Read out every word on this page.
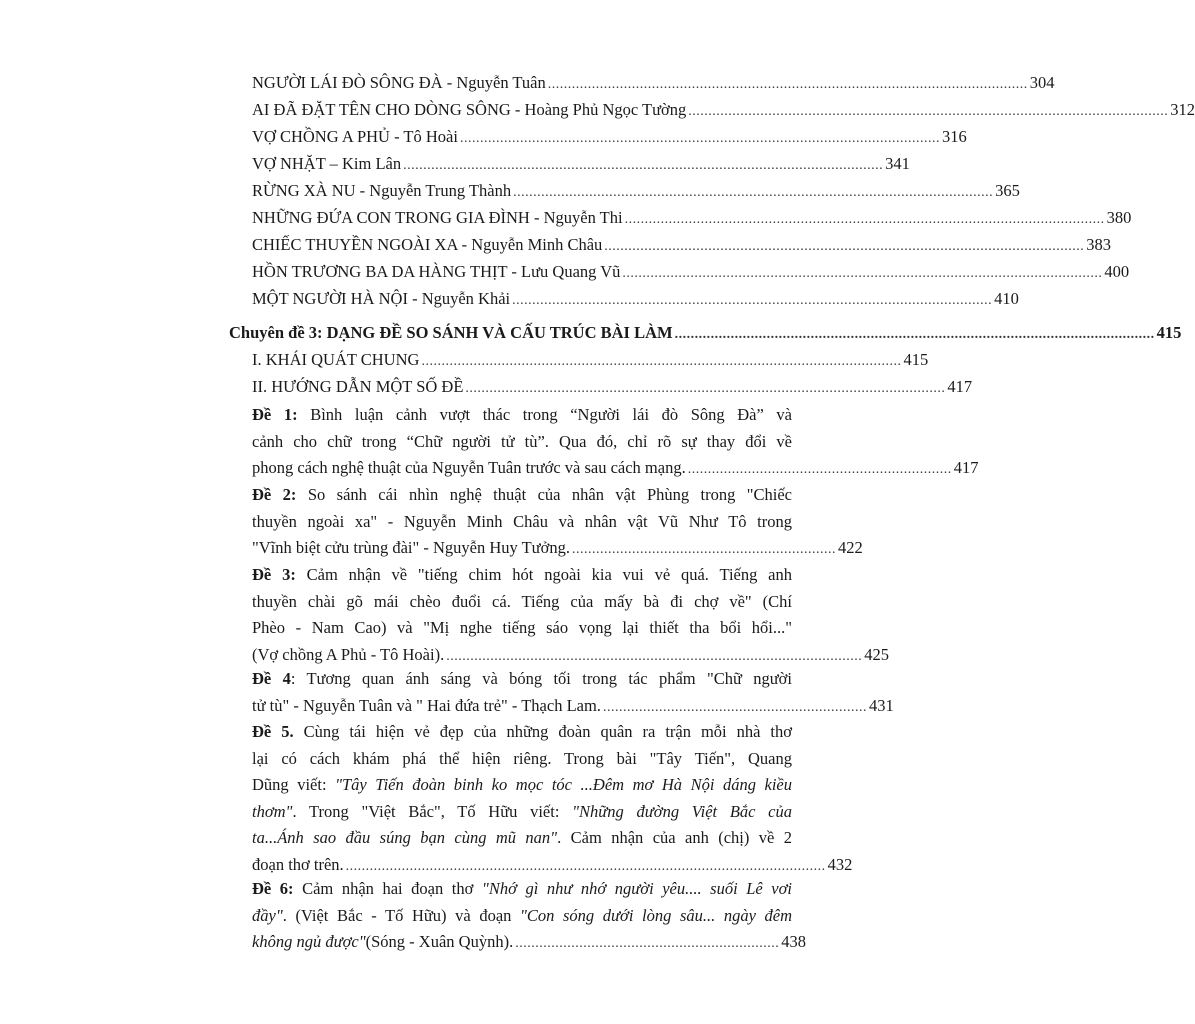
NGƯỜI LÁI ĐÒ SÔNG ĐÀ - Nguyễn Tuân ........................................................................................................................ 304
AI ĐÃ ĐẶT TÊN CHO DÒNG SÔNG - Hoàng Phủ Ngọc Tường ........................................................................................................................ 312
VỢ CHỒNG A PHỦ - Tô Hoài ........................................................................................................................ 316
VỢ NHẶT – Kim Lân ........................................................................................................................ 341
RỪNG XÀ NU - Nguyễn Trung Thành ........................................................................................................................ 365
NHỮNG ĐỨA CON TRONG GIA ĐÌNH - Nguyễn Thi ........................................................................................................................ 380
CHIẾC THUYỀN NGOÀI XA - Nguyễn Minh Châu ........................................................................................................................ 383
HỒN TRƯƠNG BA DA HÀNG THỊT - Lưu Quang Vũ ........................................................................................................................ 400
MỘT NGƯỜI HÀ NỘI - Nguyễn Khải ........................................................................................................................ 410
Chuyên đề 3: DẠNG ĐỀ SO SÁNH VÀ CẤU TRÚC BÀI LÀM ........................................................................................................................ 415
I. KHÁI QUÁT CHUNG ........................................................................................................................ 415
II. HƯỚNG DẪN MỘT SỐ ĐỀ ........................................................................................................................ 417
Đề 1: Bình luận cảnh vượt thác trong “Người lái đò Sông Đà” và
cảnh cho chữ trong “Chữ người tử tù”. Qua đó, chỉ rõ sự thay đổi về
phong cách nghệ thuật của Nguyễn Tuân trước và sau cách mạng. .................................................................. 417
Đề 2: So sánh cái nhìn nghệ thuật của nhân vật Phùng trong "Chiếc
thuyền ngoài xa" - Nguyễn Minh Châu và nhân vật Vũ Như Tô trong
"Vĩnh biệt cửu trùng đài" - Nguyễn Huy Tưởng. .................................................................. 422
Đề 3: Cảm nhận về "tiếng chim hót ngoài kia vui vẻ quá. Tiếng anh
thuyền chài gõ mái chèo đuổi cá. Tiếng của mấy bà đi chợ về" (Chí
Phèo - Nam Cao) và "Mị nghe tiếng sáo vọng lại thiết tha bổi hổi..."
(Vợ chồng A Phủ - Tô Hoài). ........................................................................................................ 425
Đề 4: Tương quan ánh sáng và bóng tối trong tác phẩm "Chữ người
tử tù" - Nguyễn Tuân và " Hai đứa trẻ" - Thạch Lam. .................................................................. 431
Đề 5. Cùng tái hiện vẻ đẹp của những đoàn quân ra trận mỗi nhà thơ
lại có cách khám phá thể hiện riêng. Trong bài "Tây Tiến", Quang
Dũng viết: "Tây Tiến đoàn binh ko mọc tóc ...Đêm mơ Hà Nội dáng kiều
thơm". Trong "Việt Bắc", Tố Hữu viết: "Những đường Việt Bắc của
ta...Ánh sao đầu súng bạn cùng mũ nan". Cảm nhận của anh (chị) về 2
đoạn thơ trên. ........................................................................................................................ 432
Đề 6: Cảm nhận hai đoạn thơ "Nhớ gì như nhớ người yêu.... suối Lê vơi
đầy". (Việt Bắc - Tố Hữu) và đoạn "Con sóng dưới lòng sâu... ngày đêm
không ngủ được" (Sóng - Xuân Quỳnh). .................................................................. 438
